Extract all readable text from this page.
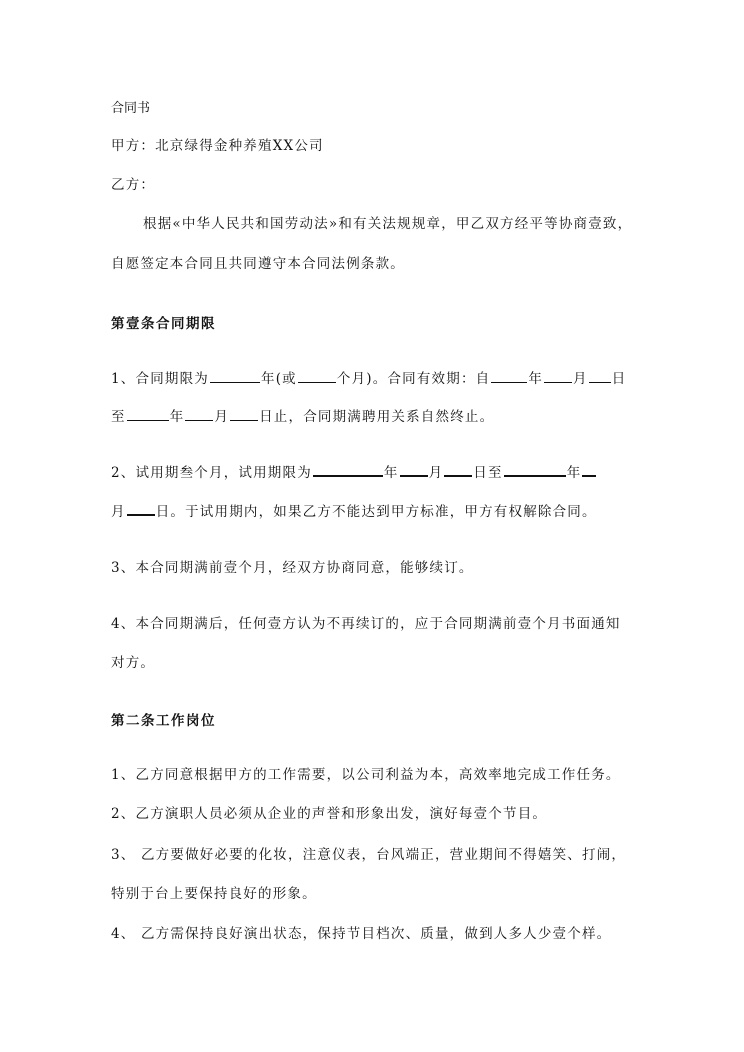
合同书
甲方：北京绿得金种养殖XX公司
乙方：
根据«中华人民共和国劳动法»和有关法规规章，甲乙双方经平等协商壹致，
自愿签定本合同且共同遵守本合同法例条款。
第壹条合同期限
1、合同期限为	年(或	个月)。合同有效期：自	年 月 日
至	年 月 日止，合同期满聘用关系自然终止。
2、试用期叁个月，试用期限为	年 月 日至	年
月 日。于试用期内，如果乙方不能达到甲方标准，甲方有权解除合同。
3、本合同期满前壹个月，经双方协商同意，能够续订。
4、本合同期满后，任何壹方认为不再续订的，应于合同期满前壹个月书面通知
对方。
第二条工作岗位
1、乙方同意根据甲方的工作需要，以公司利益为本，高效率地完成工作任务。
2、乙方演职人员必须从企业的声誉和形象出发，演好每壹个节目。
3、 乙方要做好必要的化妆，注意仪表，台风端正，营业期间不得嬉笑、打闹，
特别于台上要保持良好的形象。
4、 乙方需保持良好演出状态，保持节目档次、质量，做到人多人少壹个样。
